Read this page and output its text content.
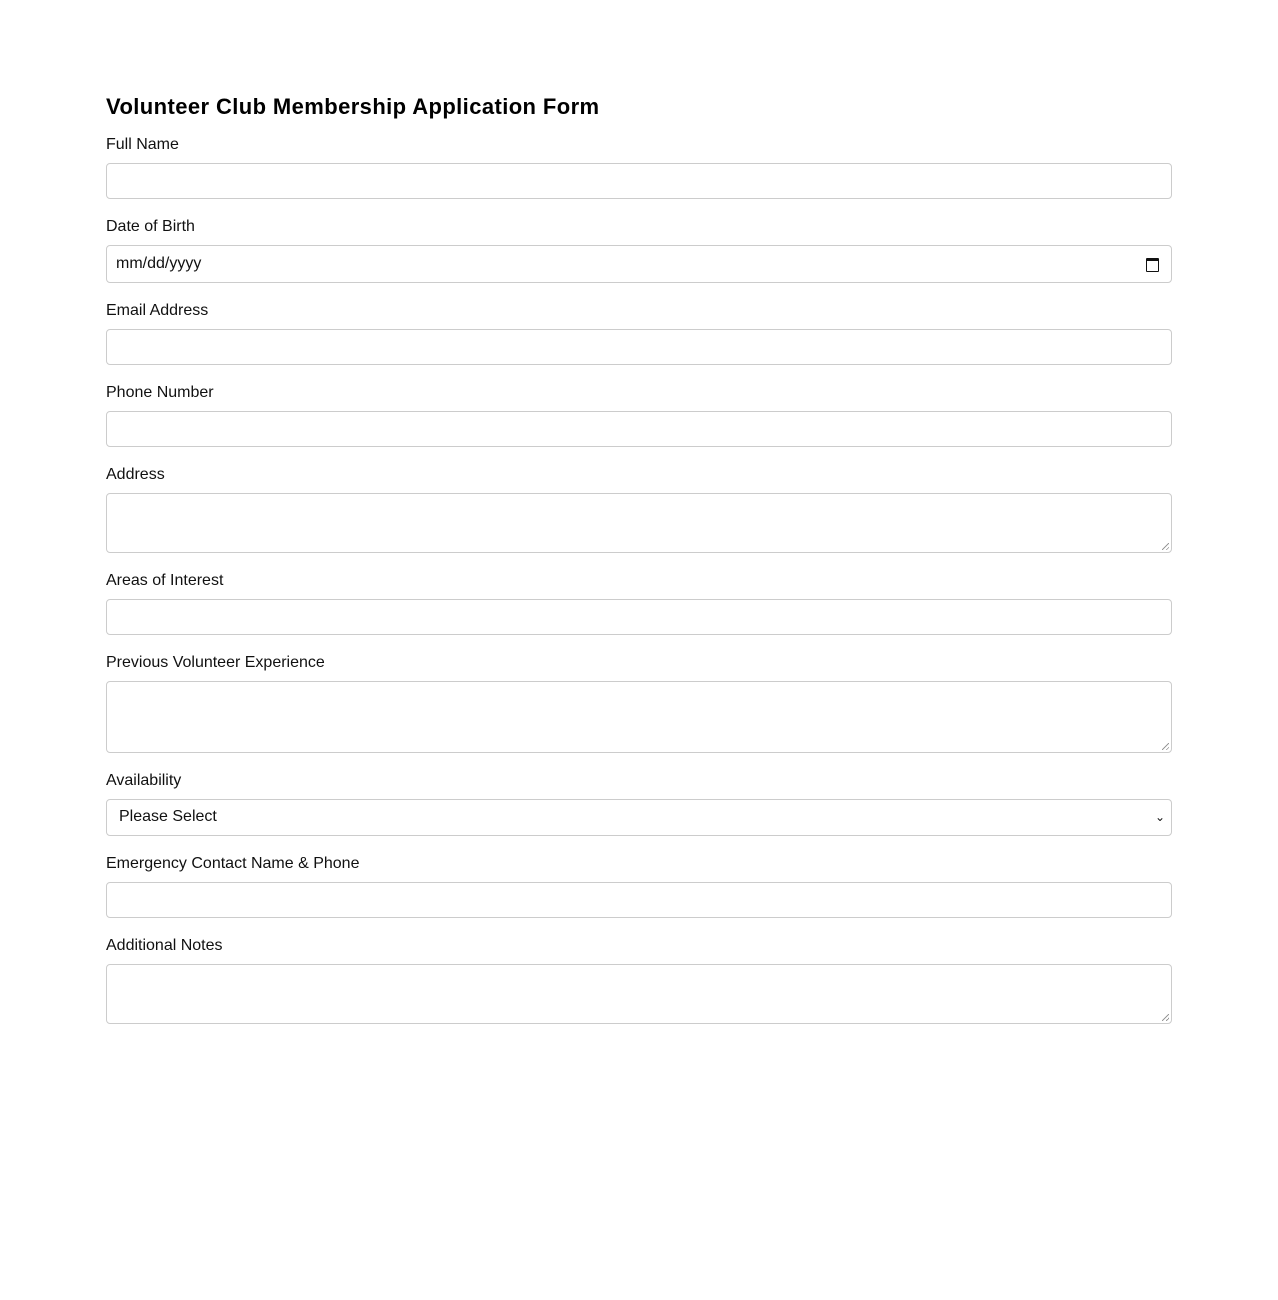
Volunteer Club Membership Application Form
Full Name
Date of Birth
mm/dd/yyyy
Email Address
Phone Number
Address
Areas of Interest
Previous Volunteer Experience
Availability
Please Select	⌄
Emergency Contact Name & Phone
Additional Notes
